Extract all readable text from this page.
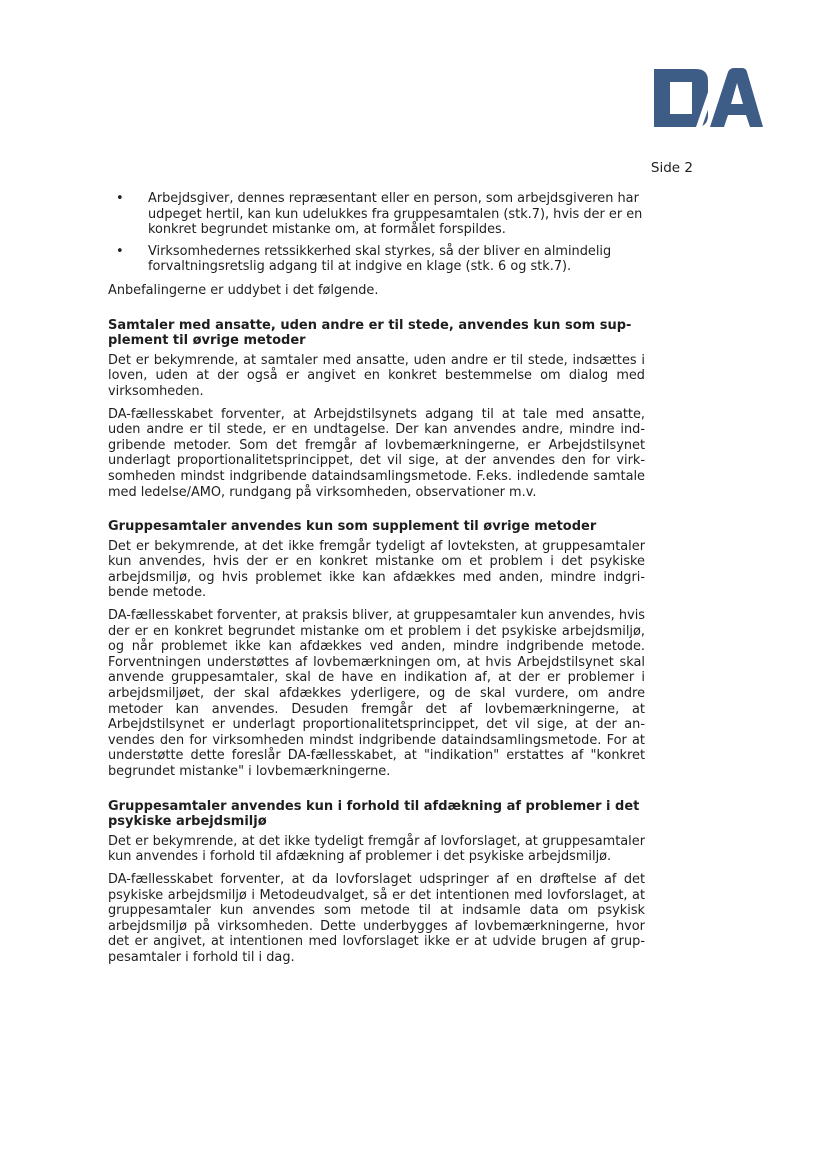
Side 2
• Arbejdsgiver, dennes repræsentant eller en person, som arbejdsgiveren har udpeget hertil, kan kun udelukkes fra gruppesamtalen (stk.7), hvis der er en konkret begrundet mistanke om, at formålet forspildes.
• Virksomhedernes retssikkerhed skal styrkes, så der bliver en almindelig forvaltningsretslig adgang til at indgive en klage (stk. 6 og stk.7).

Anbefalingerne er uddybet i det følgende.

Samtaler med ansatte, uden andre er til stede, anvendes kun som supplement til øvrige metoder

Det er bekymrende, at samtaler med ansatte, uden andre er til stede, indsættes i loven, uden at der også er angivet en konkret bestemmelse om dialog med virksomheden.

DA-fællesskabet forventer, at Arbejdstilsynets adgang til at tale med ansatte, uden andre er til stede, er en undtagelse. Der kan anvendes andre, mindre indgribende metoder. Som det fremgår af lovbemærkningerne, er Arbejdstilsynet underlagt proportionalitetsprincippet, det vil sige, at der anvendes den for virksomheden mindst indgribende dataindsamlingsmetode. F.eks. indledende samtale med ledelse/AMO, rundgang på virksomheden, observationer m.v.

Gruppesamtaler anvendes kun som supplement til øvrige metoder

Det er bekymrende, at det ikke fremgår tydeligt af lovteksten, at gruppesamtaler kun anvendes, hvis der er en konkret mistanke om et problem i det psykiske arbejdsmiljø, og hvis problemet ikke kan afdækkes med anden, mindre indgribende metode.

DA-fællesskabet forventer, at praksis bliver, at gruppesamtaler kun anvendes, hvis der er en konkret begrundet mistanke om et problem i det psykiske arbejdsmiljø, og når problemet ikke kan afdækkes ved anden, mindre indgribende metode. Forventningen understøttes af lovbemærkningen om, at hvis Arbejdstilsynet skal anvende gruppesamtaler, skal de have en indikation af, at der er problemer i arbejdsmiljøet, der skal afdækkes yderligere, og de skal vurdere, om andre metoder kan anvendes. Desuden fremgår det af lovbemærkningerne, at Arbejdstilsynet er underlagt proportionalitetsprincippet, det vil sige, at der anvendes den for virksomheden mindst indgribende dataindsamlingsmetode. For at understøtte dette foreslår DA-fællesskabet, at "indikation" erstattes af "konkret begrundet mistanke" i lovbemærkningerne.

Gruppesamtaler anvendes kun i forhold til afdækning af problemer i det psykiske arbejdsmiljø

Det er bekymrende, at det ikke tydeligt fremgår af lovforslaget, at gruppesamtaler kun anvendes i forhold til afdækning af problemer i det psykiske arbejdsmiljø.

DA-fællesskabet forventer, at da lovforslaget udspringer af en drøftelse af det psykiske arbejdsmiljø i Metodeudvalget, så er det intentionen med lovforslaget, at gruppesamtaler kun anvendes som metode til at indsamle data om psykisk arbejdsmiljø på virksomheden. Dette underbygges af lovbemærkningerne, hvor det er angivet, at intentionen med lovforslaget ikke er at udvide brugen af gruppesamtaler i forhold til i dag.
